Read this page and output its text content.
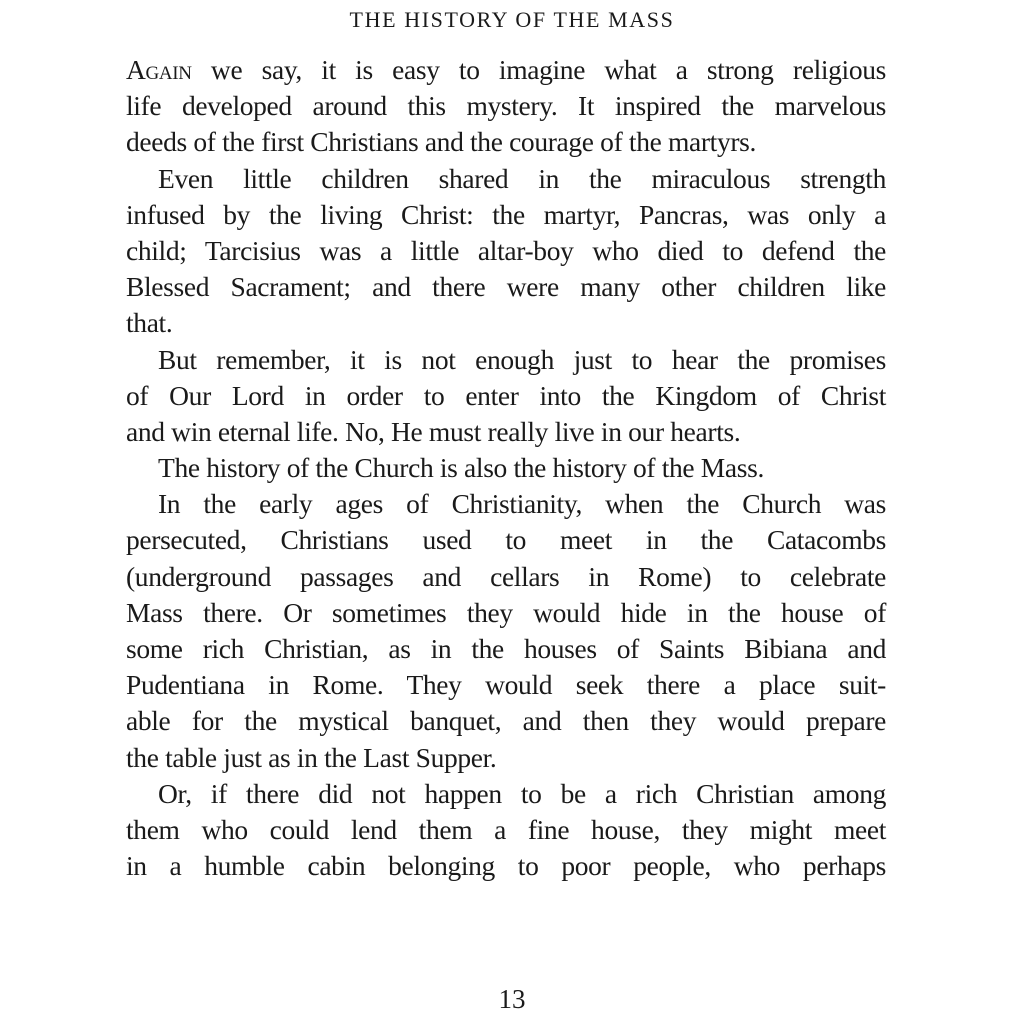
THE HISTORY OF THE MASS
Again we say, it is easy to imagine what a strong religious
life developed around this mystery. It inspired the marvelous
deeds of the first Christians and the courage of the martyrs.
Even little children shared in the miraculous strength
infused by the living Christ: the martyr, Pancras, was only a
child; Tarcisius was a little altar-boy who died to defend the
Blessed Sacrament; and there were many other children like
that.
But remember, it is not enough just to hear the promises
of Our Lord in order to enter into the Kingdom of Christ
and win eternal life. No, He must really live in our hearts.
The history of the Church is also the history of the Mass.
In the early ages of Christianity, when the Church was
persecuted, Christians used to meet in the Catacombs
(underground passages and cellars in Rome) to celebrate
Mass there. Or sometimes they would hide in the house of
some rich Christian, as in the houses of Saints Bibiana and
Pudentiana in Rome. They would seek there a place suit-
able for the mystical banquet, and then they would prepare
the table just as in the Last Supper.
Or, if there did not happen to be a rich Christian among
them who could lend them a fine house, they might meet
in a humble cabin belonging to poor people, who perhaps
13
